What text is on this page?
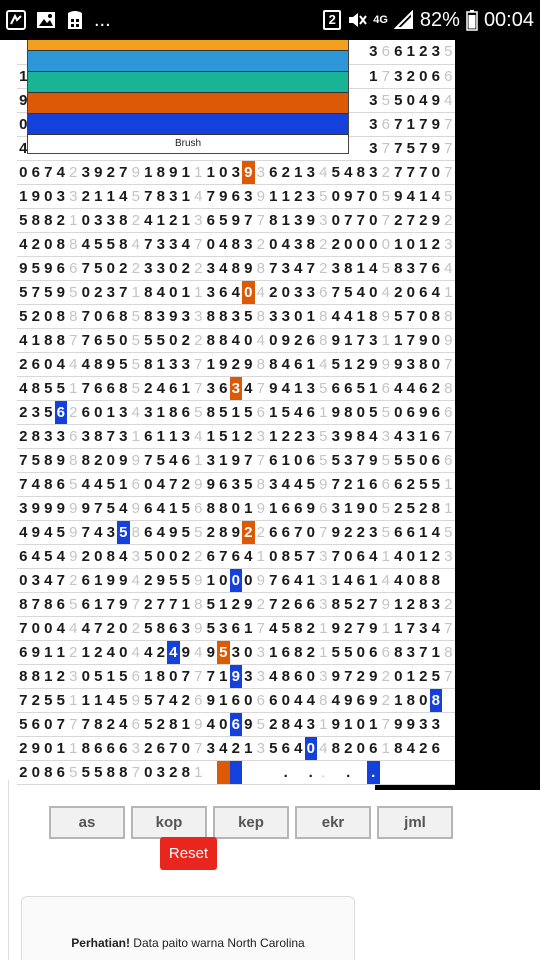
...	2	4G 82% 00:04
																												3	6	6	1	2	3	5
1																												1	7	3	2	0	6	6
9																												3	5	5	0	4	9	4
0																												3	6	7	1	7	9	7
4																												3	7	7	5	7	9	7
0	6	7	4	2	3	9	2	7	9	1	8	9	1	1	1	0	3	9	3	6	2	1	3	4	5	4	8	3	2	7	7	7	0	7
1	9	0	3	3	2	1	1	4	5	7	8	3	1	4	7	9	6	3	9	1	1	2	3	5	0	9	7	0	5	9	4	1	4	5
5	8	8	2	1	0	3	3	8	2	4	1	2	1	3	6	5	9	7	7	8	1	3	9	3	0	7	7	0	7	2	7	2	9	2
4	2	0	8	8	4	5	5	8	4	7	3	3	4	7	0	4	8	3	2	0	4	3	8	2	2	0	0	0	0	1	0	1	2	3
9	5	9	6	6	7	5	0	2	2	3	3	0	2	2	3	4	8	9	8	7	3	4	7	2	3	8	1	4	5	8	3	7	6	4
5	7	5	9	5	0	2	3	7	1	8	4	0	1	1	3	6	4	0	4	2	0	3	3	6	7	5	4	0	4	2	0	6	4	1
5	2	0	8	8	7	0	6	8	5	8	3	9	3	3	8	8	3	5	8	3	3	0	1	8	4	4	1	8	9	5	7	0	8	8
4	1	8	8	7	7	6	5	0	5	5	5	0	2	2	8	8	4	0	4	0	9	2	6	8	9	1	7	3	1	1	7	9	0	9
2	6	0	4	4	4	8	9	5	5	8	1	3	3	7	1	9	2	9	8	8	4	6	1	4	5	1	2	9	9	9	3	8	0	7
4	8	5	5	1	7	6	6	8	5	2	4	6	1	7	3	6	3	4	7	9	4	1	3	5	6	6	5	1	6	4	4	6	2	8
2	3	5	6	2	6	0	1	3	4	3	1	8	6	5	8	5	1	5	6	1	5	4	6	1	9	8	0	5	5	0	6	9	6	6
2	8	3	3	6	3	8	7	3	1	6	1	1	3	4	1	5	1	2	3	1	2	2	3	5	3	9	8	4	3	4	3	1	6	7
7	5	8	9	8	8	2	0	9	9	7	5	4	6	1	3	1	9	7	7	6	1	0	6	5	5	3	7	9	5	5	5	0	6	6
7	4	8	6	5	4	4	5	1	6	0	4	7	2	9	9	6	3	5	8	3	4	4	5	9	7	2	1	6	6	6	2	5	5	1
3	9	9	9	9	9	7	5	4	9	6	4	1	5	6	8	8	0	1	9	1	6	6	9	6	3	1	9	0	5	2	5	2	8	1
4	9	4	5	9	7	4	3	5	8	6	4	9	5	5	2	8	9	2	2	6	6	7	0	7	9	2	2	3	5	6	6	1	4	5
6	4	5	4	9	2	0	8	4	3	5	0	0	2	2	6	7	6	4	1	0	8	5	7	3	7	0	6	4	1	4	0	1	2	3
0	3	4	7	2	6	1	9	9	4	2	9	5	5	9	1	0	0	0	9	7	6	4	1	3	1	4	6	1	4	4	0	8	8	
8	7	8	6	5	6	1	7	9	7	2	7	7	1	8	5	1	2	9	2	7	2	6	6	3	8	5	2	7	9	1	2	8	3	2
7	0	0	4	4	4	7	2	0	2	5	8	6	3	9	5	3	6	1	7	4	5	8	2	1	9	2	7	9	1	1	7	3	4	7
6	9	1	1	2	1	2	4	0	4	4	2	4	9	4	9	5	3	0	3	1	6	8	2	1	5	5	0	6	6	8	3	7	1	8
8	8	1	2	3	0	5	1	5	6	1	8	0	7	7	7	1	9	3	3	4	8	6	0	3	9	7	2	9	2	0	1	2	5	7
7	2	5	5	1	1	1	4	5	9	5	7	4	2	6	9	1	6	0	6	6	0	4	4	8	4	9	6	9	2	1	8	0	8	
5	6	0	7	7	7	8	2	4	6	5	2	8	1	9	4	0	6	9	5	2	8	4	3	1	9	1	0	1	7	9	9	3	3	
2	9	0	1	1	8	6	6	6	3	2	6	7	0	7	3	4	2	1	3	5	6	4	0	4	8	2	0	6	1	8	4	2	6	
2	0	8	6	5	5	5	8	8	7	0	3	2	8	1							.		.	.		.		.						
Brush
as	kop	kep	ekr	jml
Reset
Perhatian! Data paito warna North Carolina
